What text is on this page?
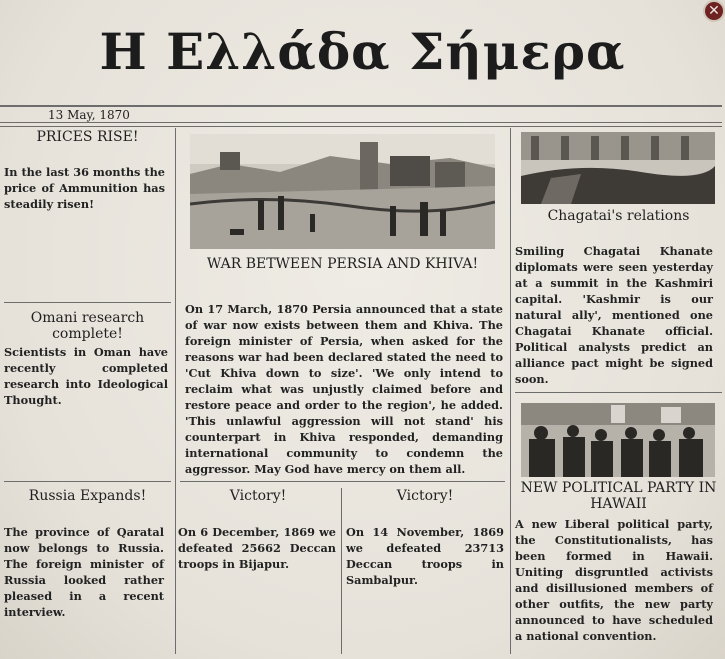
Η Ελλάδα Σήμερα
✕
13 May, 1870
PRICES RISE!
In the last 36 months the price of Ammunition has steadily risen!
Omani research complete!
Scientists in Oman have recently completed research into Ideological Thought.
Russia Expands!
The province of Qaratal now belongs to Russia. The foreign minister of Russia looked rather pleased in a recent interview.
WAR BETWEEN PERSIA AND KHIVA!
On 17 March, 1870 Persia announced that a state of war now exists between them and Khiva. The foreign minister of Persia, when asked for the reasons war had been declared stated the need to 'Cut Khiva down to size'. 'We only intend to reclaim what was unjustly claimed before and restore peace and order to the region', he added. 'This unlawful aggression will not stand' his counterpart in Khiva responded, demanding international community to condemn the aggressor. May God have mercy on them all.
Victory!
On 6 December, 1869 we defeated 25662 Deccan troops in Bijapur.
Victory!
On 14 November, 1869 we defeated 23713 Deccan troops in Sambalpur.
Chagatai's relations
Smiling Chagatai Khanate diplomats were seen yesterday at a summit in the Kashmiri capital. 'Kashmir is our natural ally', mentioned one Chagatai Khanate official. Political analysts predict an alliance pact might be signed soon.
NEW POLITICAL PARTY IN HAWAII
A new Liberal political party, the Constitutionalists, has been formed in Hawaii. Uniting disgruntled activists and disillusioned members of other outfits, the new party announced to have scheduled a national convention.
